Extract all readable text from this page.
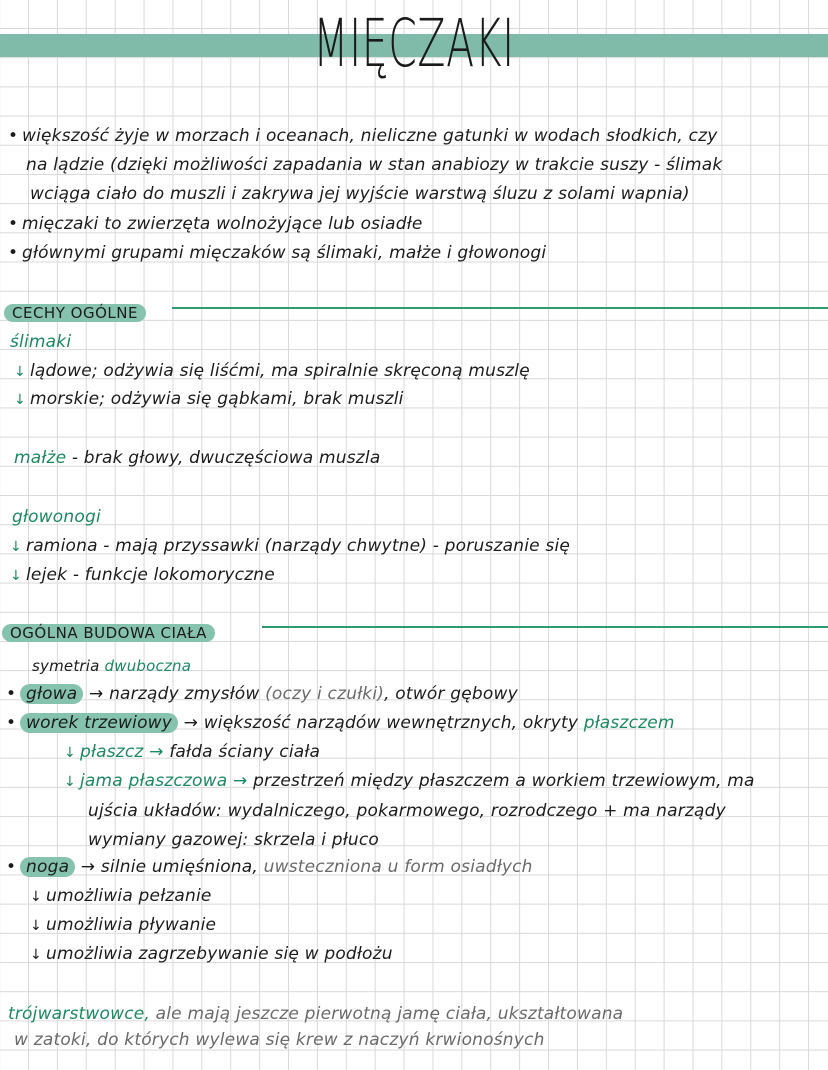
MIĘCZAKI
• większość żyje w morzach i oceanach, nieliczne gatunki w wodach słodkich, czy
na lądzie (dzięki możliwości zapadania w stan anabiozy w trakcie suszy - ślimak
wciąga ciało do muszli i zakrywa jej wyjście warstwą śluzu z solami wapnia)
• mięczaki to zwierzęta wolnożyjące lub osiadłe
• głównymi grupami mięczaków są ślimaki, małże i głowonogi
CECHY OGÓLNE
ślimaki
↓ lądowe; odżywia się liśćmi, ma spiralnie skręconą muszlę
↓ morskie; odżywia się gąbkami, brak muszli
małże - brak głowy, dwuczęściowa muszla
głowonogi
↓ ramiona - mają przyssawki (narządy chwytne) - poruszanie się
↓ lejek - funkcje lokomoryczne
OGÓLNA BUDOWA CIAŁA
symetria dwuboczna
• głowa → narządy zmysłów (oczy i czułki), otwór gębowy
• worek trzewiowy → większość narządów wewnętrznych, okryty płaszczem
↓ płaszcz → fałda ściany ciała
↓ jama płaszczowa → przestrzeń między płaszczem a workiem trzewiowym, ma
ujścia układów: wydalniczego, pokarmowego, rozrodczego + ma narządy
wymiany gazowej: skrzela i płuco
• noga → silnie umięśniona, uwsteczniona u form osiadłych
↓ umożliwia pełzanie
↓ umożliwia pływanie
↓ umożliwia zagrzebywanie się w podłożu
trójwarstwowce, ale mają jeszcze pierwotną jamę ciała, ukształtowana
w zatoki, do których wylewa się krew z naczyń krwionośnych
